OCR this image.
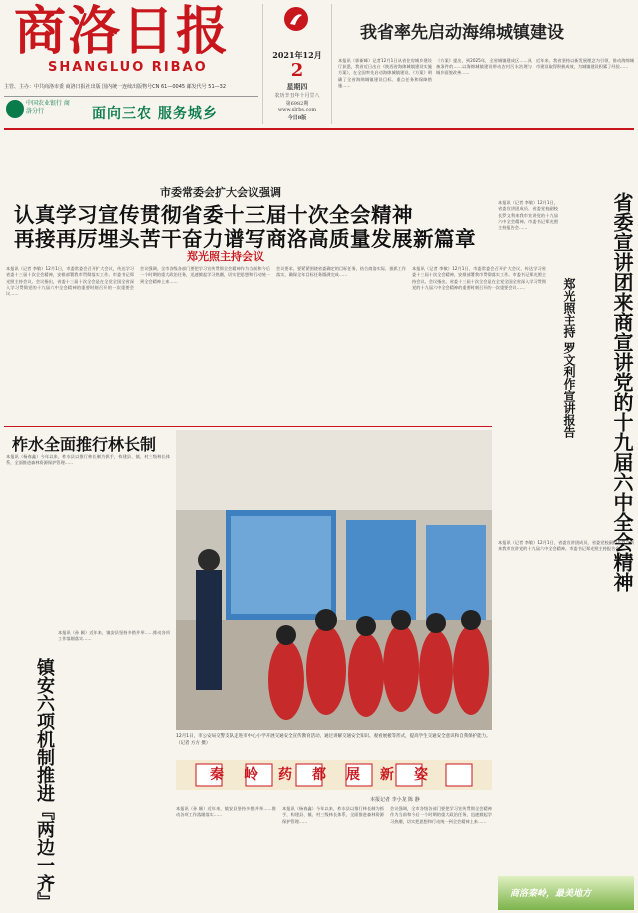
商洛日报
SHANGLUO RIBAO
主管、主办：中共商洛市委 商洛日报社出版 国内统一连续出版物号CN 61—0045 邮发代号 51—32
中国农业银行 商洛分行	面向三农 服务城乡
2021年12月
2
星期四
农历辛丑年十月廿八
第6982期
www.slrbs.com
今日8版
我省率先启动海绵城镇建设
本报讯（郭新峰）记者12月1日从省住房城乡建设厅获悉，我省近日出台《陕西省海绵城镇建设实施方案》，在全国率先启动海绵城镇建设。《方案》明确了全省海绵城镇建设目标、重点任务和保障措施……
《方案》提出，到2025年，全省城镇建成区……具备条件的……以海绵城镇建设带动农村污水治理与城乡面貌改善……
近年来，我省坚持以新发展理念为引领，推动海绵城市建设取得积极成效，为城镇建设积累了经验……
市委常委会扩大会议强调
认真学习宣传贯彻省委十三届十次全会精神
再接再厉埋头苦干奋力谱写商洛高质量发展新篇章
郑光照主持会议
本报讯（记者 李敏）12月1日，市委常委会召开扩大会议，传达学习省委十三届十次全会精神，安排部署我市贯彻落实工作。市委书记郑光照主持会议。会议指出，省委十三届十次全会是在全党全国全省深入学习贯彻党的十九届六中全会精神的重要时刻召开的一次重要会议……
会议强调，全市各级各部门要把学习宣传贯彻全会精神作为当前和今后一个时期的重大政治任务，迅速掀起学习热潮，切实把思想和行动统一到全会精神上来……
会议要求，要紧紧围绕省委确定的目标任务，结合商洛实际，狠抓工作落实，确保全年目标任务圆满完成……
本报讯（记者 李敏）12月1日，市委常委会召开扩大会议，传达学习省委十三届十次全会精神，安排部署我市贯彻落实工作。市委书记郑光照主持会议。会议指出，省委十三届十次全会是在全党全国全省深入学习贯彻党的十九届六中全会精神的重要时刻召开的一次重要会议……	省委宣讲团来商宣讲党的十九届六中全会精神
郑光照主持 罗文利作宣讲报告
本报讯（记者 李敏）12月1日，省委宣讲团成员、省委党校副校长罗文利来我市宣讲党的十九届六中全会精神。市委书记郑光照主持报告会……
本报讯（记者 李敏）12月1日，省委宣讲团成员、省委党校副校长罗文利来我市宣讲党的十九届六中全会精神。市委书记郑光照主持报告会……
柞水全面推行林长制
本报讯（杨春鑫）今年以来，柞水县以推行林长制为抓手，构建县、镇、村三级林长体系，全面推进森林资源保护管理……
12月1日，市公安局交警支队走进市中心小学开展交通安全宣传教育活动，通过讲解交通安全知识、观看展板等形式，提高学生交通安全意识和自我保护能力。（记者 方方 摄）
镇安六项机制推进『两边一齐』
本报讯（孙 颖）近年来，镇安县坚持多措并举……推动各项工作落细落实……
秦岭药都展新姿
本报记者 李小龙 陈 静
本报讯（孙 颖）近年来，镇安县坚持多措并举……推动各项工作落细落实……
本报讯（杨春鑫）今年以来，柞水县以推行林长制为抓手，构建县、镇、村三级林长体系，全面推进森林资源保护管理……
会议强调，全市各级各部门要把学习宣传贯彻全会精神作为当前和今后一个时期的重大政治任务，迅速掀起学习热潮，切实把思想和行动统一到全会精神上来……
商洛秦岭，最美地方
